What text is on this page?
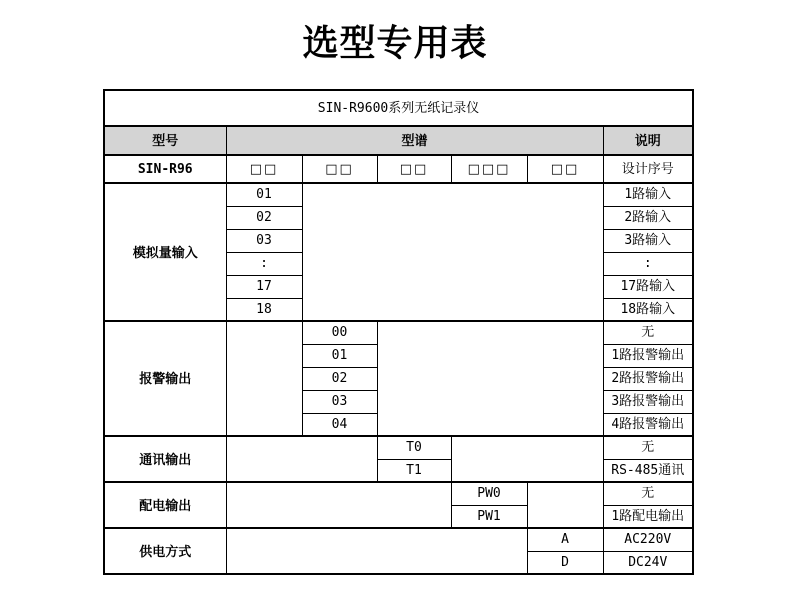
选型专用表
SIN-R9600系列无纸记录仪						
型号	型谱					说明
SIN-R96	□□	□□	□□	□□□	□□	设计序号
模拟量输入	01					1路输入
	02					2路输入
	03					3路输入
	:					:
	17					17路输入
	18					18路输入
报警输出		00				无
		01				1路报警输出
		02				2路报警输出
		03				3路报警输出
		04				4路报警输出
通讯输出			T0			无
			T1			RS-485通讯
配电输出				PW0		无
				PW1		1路配电输出
供电方式					A	AC220V
					D	DC24V
